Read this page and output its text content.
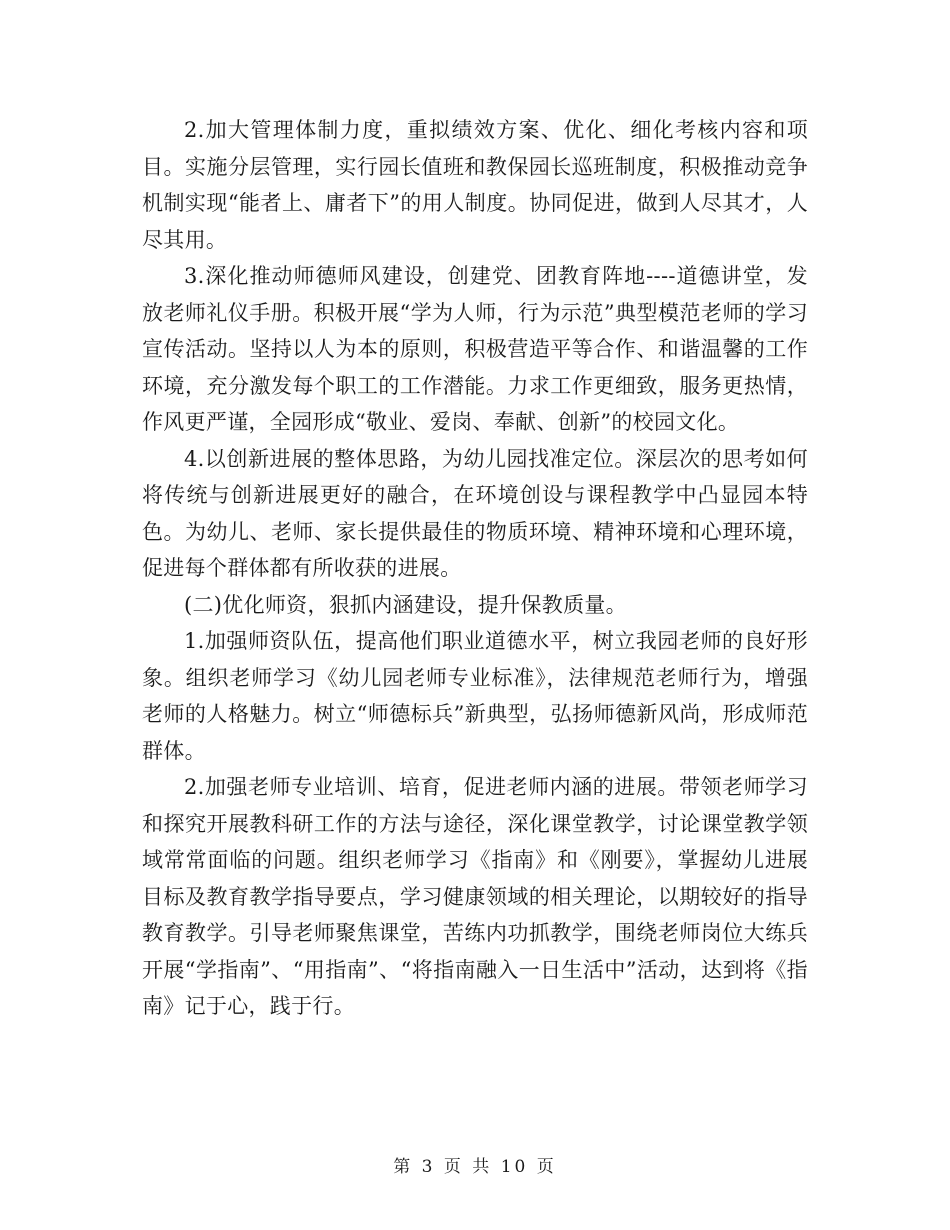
2.加大管理体制力度，重拟绩效方案、优化、细化考核内容和项目。实施分层管理，实行园长值班和教保园长巡班制度，积极推动竞争机制实现“能者上、庸者下”的用人制度。协同促进，做到人尽其才，人尽其用。

3.深化推动师德师风建设，创建党、团教育阵地----道德讲堂，发放老师礼仪手册。积极开展“学为人师，行为示范”典型模范老师的学习宣传活动。坚持以人为本的原则，积极营造平等合作、和谐温馨的工作环境，充分激发每个职工的工作潜能。力求工作更细致，服务更热情，作风更严谨，全园形成“敬业、爱岗、奉献、创新”的校园文化。

4.以创新进展的整体思路，为幼儿园找准定位。深层次的思考如何将传统与创新进展更好的融合，在环境创设与课程教学中凸显园本特色。为幼儿、老师、家长提供最佳的物质环境、精神环境和心理环境，促进每个群体都有所收获的进展。

(二)优化师资，狠抓内涵建设，提升保教质量。

1.加强师资队伍，提高他们职业道德水平，树立我园老师的良好形象。组织老师学习《幼儿园老师专业标准》，法律规范老师行为，增强老师的人格魅力。树立“师德标兵”新典型，弘扬师德新风尚，形成师范群体。

2.加强老师专业培训、培育，促进老师内涵的进展。带领老师学习和探究开展教科研工作的方法与途径，深化课堂教学，讨论课堂教学领域常常面临的问题。组织老师学习《指南》和《刚要》，掌握幼儿进展目标及教育教学指导要点，学习健康领域的相关理论，以期较好的指导教育教学。引导老师聚焦课堂，苦练内功抓教学，围绕老师岗位大练兵开展“学指南”、“用指南”、“将指南融入一日生活中”活动，达到将《指南》记于心，践于行。

第 3 页 共 10 页
